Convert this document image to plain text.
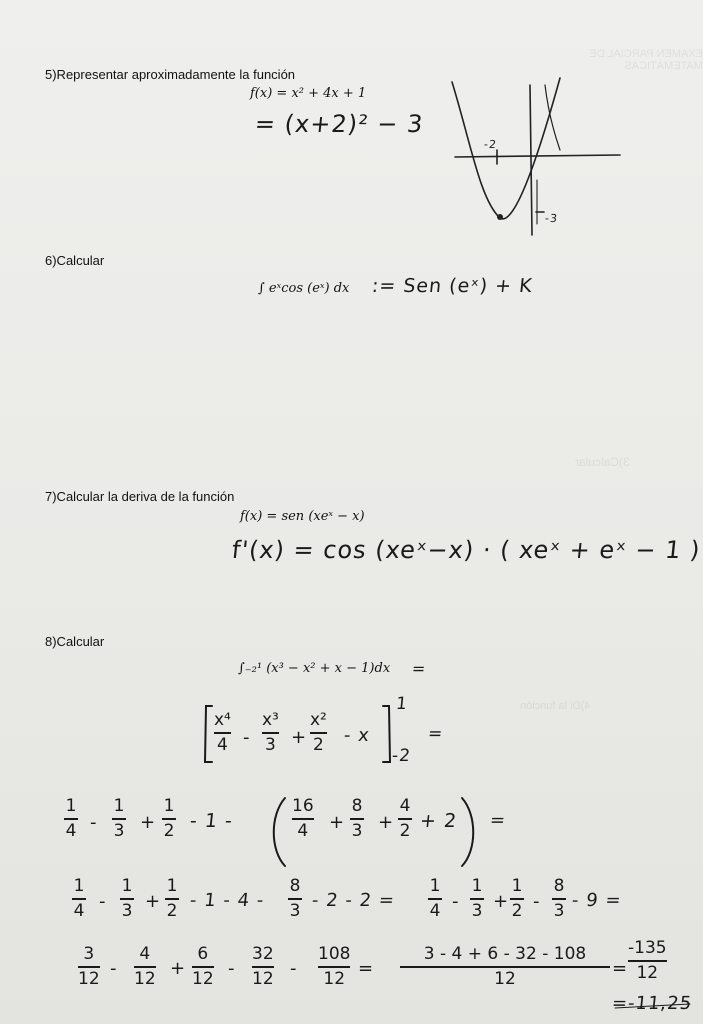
EXAMEN PARCIAL DE MATEMÁTICAS
3)Calcular
4)Di la función
5)Representar aproximadamente la función
f(x) = x² + 4x + 1
= (x+2)² − 3
-2
-3
6)Calcular
∫ eˣcos (eˣ) dx := Sen (eˣ) + K
7)Calcular la deriva de la función
f(x) = sen (xeˣ − x)
f'(x) = cos (xeˣ−x) · ( xeˣ + eˣ − 1 )
8)Calcular
∫₋₂¹ (x³ − x² + x − 1)dx =
x⁴
4 -
x³
3 +
x²
2 - x
1
-2
=
1
4 -
1
3 +
1
2 - 1 -
16
4 +
8
3 +
4
2 + 2 =
1
4 -
1
3 +
1
2 - 1 - 4 -
8
3 - 2 - 2 =
1
4 -
1
3 +
1
2 -
8
3 - 9 =
3
12 -
4
12 +
6
12 -
32
12 -
108
12 =
3 - 4 + 6 - 32 - 108
12	=
-135
12
=-11,25
